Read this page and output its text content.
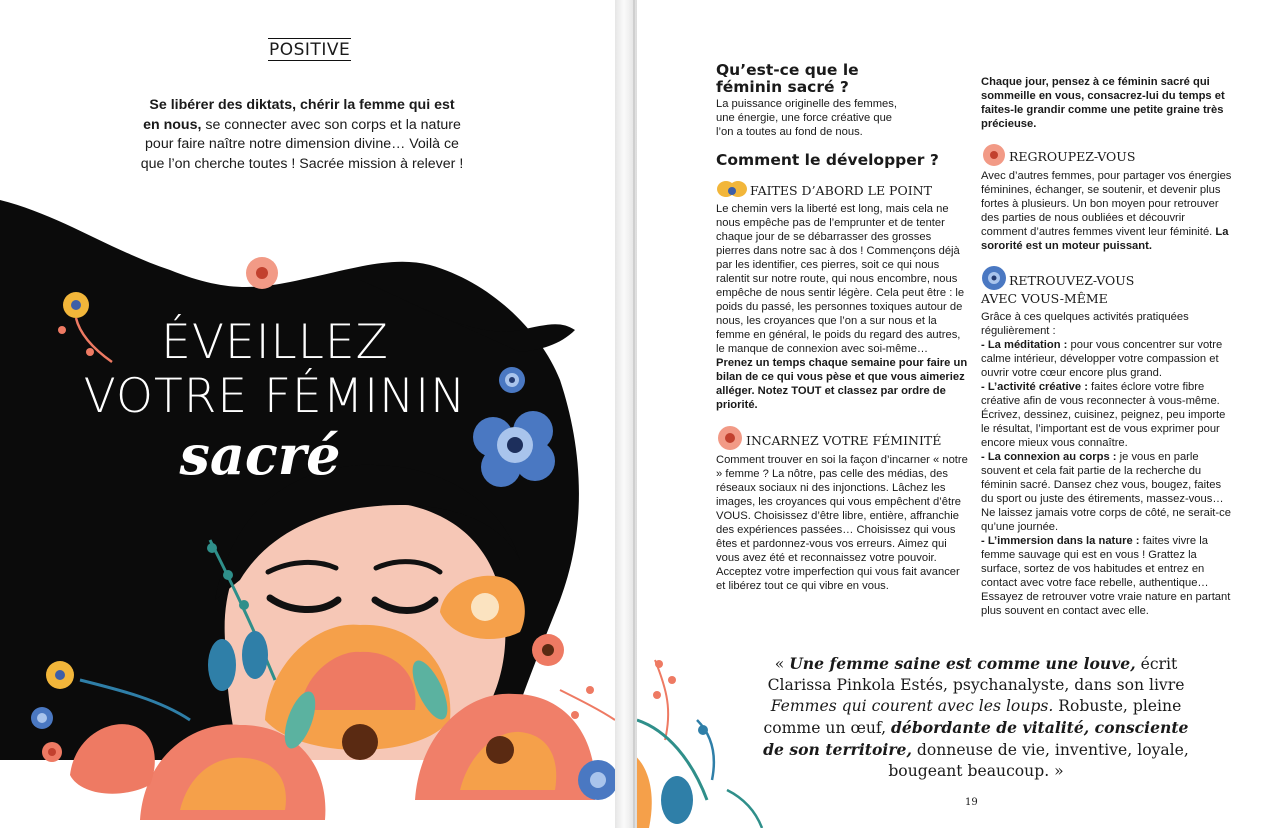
POSITIVE
Se libérer des diktats, chérir la femme qui est en nous, se connecter avec son corps et la nature pour faire naître notre dimension divine… Voilà ce que l’on cherche toutes ! Sacrée mission à relever !
ÉVEILLEZ
VOTRE FÉMININ
sacré

Qu’est-ce que le féminin sacré ?

La puissance originelle des femmes, une énergie, une force créative que l’on a toutes au fond de nous.

Comment le développer ?

FAITES D’ABORD LE POINT

Le chemin vers la liberté est long, mais cela ne nous empêche pas de l’emprunter et de tenter chaque jour de se débarrasser des grosses pierres dans notre sac à dos ! Commençons déjà par les identifier, ces pierres, soit ce qui nous ralentit sur notre route, qui nous encombre, nous empêche de nous sentir légère. Cela peut être : le poids du passé, les personnes toxiques autour de nous, les croyances que l’on a sur nous et la femme en général, le poids du regard des autres, le manque de connexion avec soi-même…

Prenez un temps chaque semaine pour faire un bilan de ce qui vous pèse et que vous aimeriez alléger. Notez TOUT et classez par ordre de priorité.

INCARNEZ VOTRE FÉMINITÉ

Comment trouver en soi la façon d’incarner « notre » femme ? La nôtre, pas celle des médias, des réseaux sociaux ni des injonctions. Lâchez les images, les croyances qui vous empêchent d’être VOUS. Choisissez d’être libre, entière, affranchie des expériences passées… Choisissez qui vous êtes et pardonnez-vous vos erreurs. Aimez qui vous avez été et reconnaissez votre pouvoir. Acceptez votre imperfection qui vous fait avancer et libérez tout ce qui vibre en vous.

Chaque jour, pensez à ce féminin sacré qui sommeille en vous, consacrez-lui du temps et faites-le grandir comme une petite graine très précieuse.

REGROUPEZ-VOUS

Avec d’autres femmes, pour partager vos énergies féminines, échanger, se soutenir, et devenir plus fortes à plusieurs. Un bon moyen pour retrouver des parties de nous oubliées et découvrir comment d’autres femmes vivent leur féminité. La sororité est un moteur puissant.

RETROUVEZ-VOUS
AVEC VOUS-MÊME

Grâce à ces quelques activités pratiquées régulièrement :

- La méditation : pour vous concentrer sur votre calme intérieur, développer votre compassion et ouvrir votre cœur encore plus grand.

- L’activité créative : faites éclore votre fibre créative afin de vous reconnecter à vous-même. Écrivez, dessinez, cuisinez, peignez, peu importe le résultat, l’important est de vous exprimer pour encore mieux vous connaître.

- La connexion au corps : je vous en parle souvent et cela fait partie de la recherche du féminin sacré. Dansez chez vous, bougez, faites du sport ou juste des étirements, massez-vous… Ne laissez jamais votre corps de côté, ne serait-ce qu’une journée.

- L’immersion dans la nature : faites vivre la femme sauvage qui est en vous ! Grattez la surface, sortez de vos habitudes et entrez en contact avec votre face rebelle, authentique… Essayez de retrouver votre vraie nature en partant plus souvent en contact avec elle.

« Une femme saine est comme une louve, écrit Clarissa Pinkola Estés, psychanalyste, dans son livre Femmes qui courent avec les loups. Robuste, pleine comme un œuf, débordante de vitalité, consciente de son territoire, donneuse de vie, inventive, loyale, bougeant beaucoup. »
19
